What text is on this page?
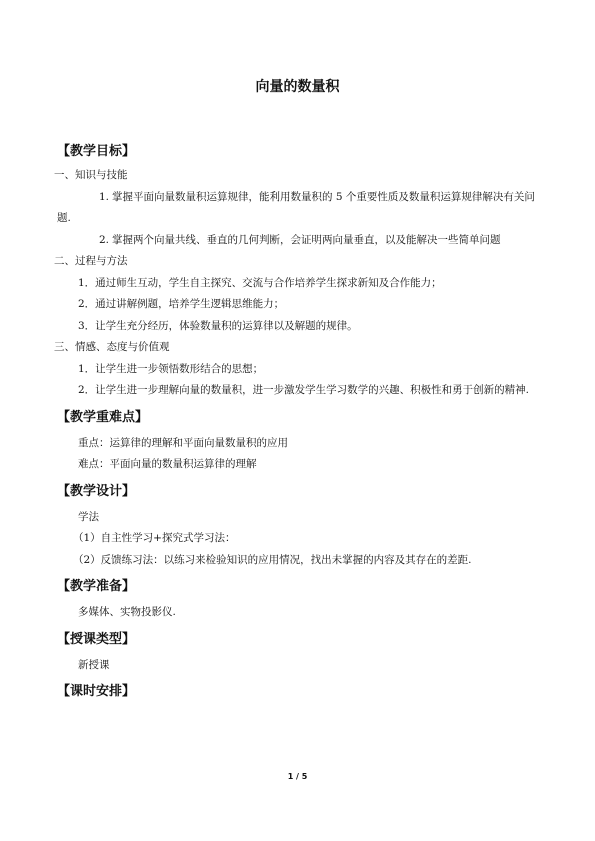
向量的数量积
【教学目标】
一、知识与技能

1. 掌握平面向量数量积运算规律，能利用数量积的 5 个重要性质及数量积运算规律解决有关问题.

2. 掌握两个向量共线、垂直的几何判断，会证明两向量垂直，以及能解决一些简单问题

二、过程与方法
1．通过师生互动，学生自主探究、交流与合作培养学生探求新知及合作能力；
2．通过讲解例题，培养学生逻辑思维能力；
3．让学生充分经历，体验数量积的运算律以及解题的规律。
三、情感、态度与价值观
1．让学生进一步领悟数形结合的思想；

2．让学生进一步理解向量的数量积，进一步激发学生学习数学的兴趣、积极性和勇于创新的精神.

【教学重难点】
重点：运算律的理解和平面向量数量积的应用
难点：平面向量的数量积运算律的理解
【教学设计】
学法
（1）自主性学习+探究式学习法：
（2）反馈练习法：以练习来检验知识的应用情况，找出未掌握的内容及其存在的差距.
【教学准备】
多媒体、实物投影仪.
【授课类型】
新授课
【课时安排】
1 / 5
